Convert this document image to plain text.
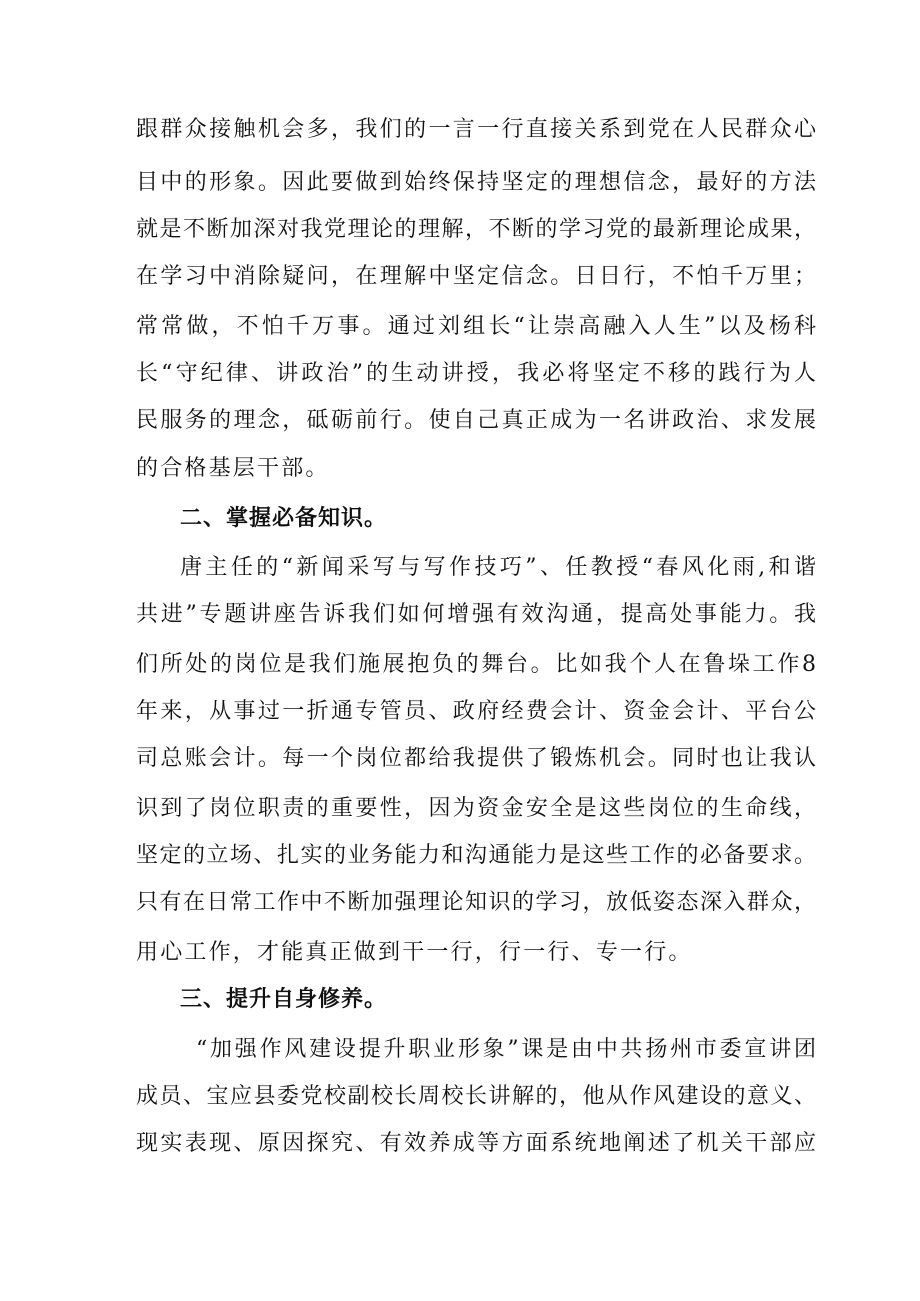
跟群众接触机会多，我们的一言一行直接关系到党在人民群众心
目中的形象。因此要做到始终保持坚定的理想信念，最好的方法
就是不断加深对我党理论的理解，不断的学习党的最新理论成果，
在学习中消除疑问，在理解中坚定信念。日日行，不怕千万里；
常常做，不怕千万事。通过刘组长“让崇高融入人生”以及杨科
长“守纪律、讲政治”的生动讲授，我必将坚定不移的践行为人
民服务的理念，砥砺前行。使自己真正成为一名讲政治、求发展
的合格基层干部。
二、掌握必备知识。
唐主任的“新闻采写与写作技巧”、任教授“春风化雨,和谐
共进”专题讲座告诉我们如何增强有效沟通，提高处事能力。我
们所处的岗位是我们施展抱负的舞台。比如我个人在鲁垛工作8
年来，从事过一折通专管员、政府经费会计、资金会计、平台公
司总账会计。每一个岗位都给我提供了锻炼机会。同时也让我认
识到了岗位职责的重要性，因为资金安全是这些岗位的生命线，
坚定的立场、扎实的业务能力和沟通能力是这些工作的必备要求。
只有在日常工作中不断加强理论知识的学习，放低姿态深入群众，
用心工作，才能真正做到干一行，行一行、专一行。
三、提升自身修养。
“加强作风建设提升职业形象”课是由中共扬州市委宣讲团
成员、宝应县委党校副校长周校长讲解的，他从作风建设的意义、
现实表现、原因探究、有效养成等方面系统地阐述了机关干部应
